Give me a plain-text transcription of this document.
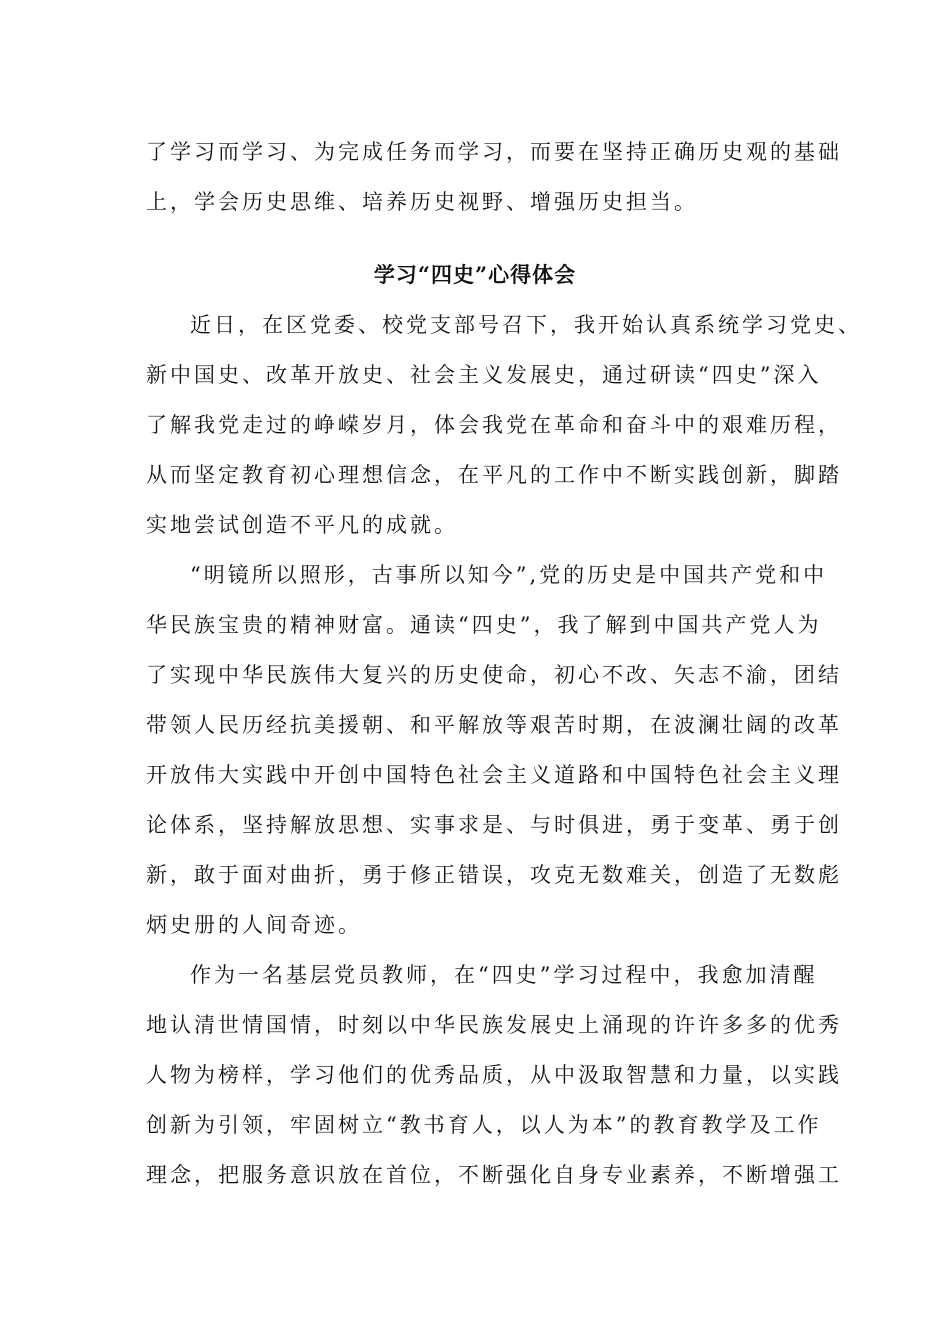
了学习而学习、为完成任务而学习，而要在坚持正确历史观的基础
上，学会历史思维、培养历史视野、增强历史担当。
学习“四史”心得体会
近日，在区党委、校党支部号召下，我开始认真系统学习党史、
新中国史、改革开放史、社会主义发展史，通过研读“四史”深入
了解我党走过的峥嵘岁月，体会我党在革命和奋斗中的艰难历程，
从而坚定教育初心理想信念，在平凡的工作中不断实践创新，脚踏
实地尝试创造不平凡的成就。
“明镜所以照形，古事所以知今”,党的历史是中国共产党和中
华民族宝贵的精神财富。通读“四史”，我了解到中国共产党人为
了实现中华民族伟大复兴的历史使命，初心不改、矢志不渝，团结
带领人民历经抗美援朝、和平解放等艰苦时期，在波澜壮阔的改革
开放伟大实践中开创中国特色社会主义道路和中国特色社会主义理
论体系，坚持解放思想、实事求是、与时俱进，勇于变革、勇于创
新，敢于面对曲折，勇于修正错误，攻克无数难关，创造了无数彪
炳史册的人间奇迹。
作为一名基层党员教师，在“四史”学习过程中，我愈加清醒
地认清世情国情，时刻以中华民族发展史上涌现的许许多多的优秀
人物为榜样，学习他们的优秀品质，从中汲取智慧和力量，以实践
创新为引领，牢固树立“教书育人，以人为本”的教育教学及工作
理念，把服务意识放在首位，不断强化自身专业素养，不断增强工
